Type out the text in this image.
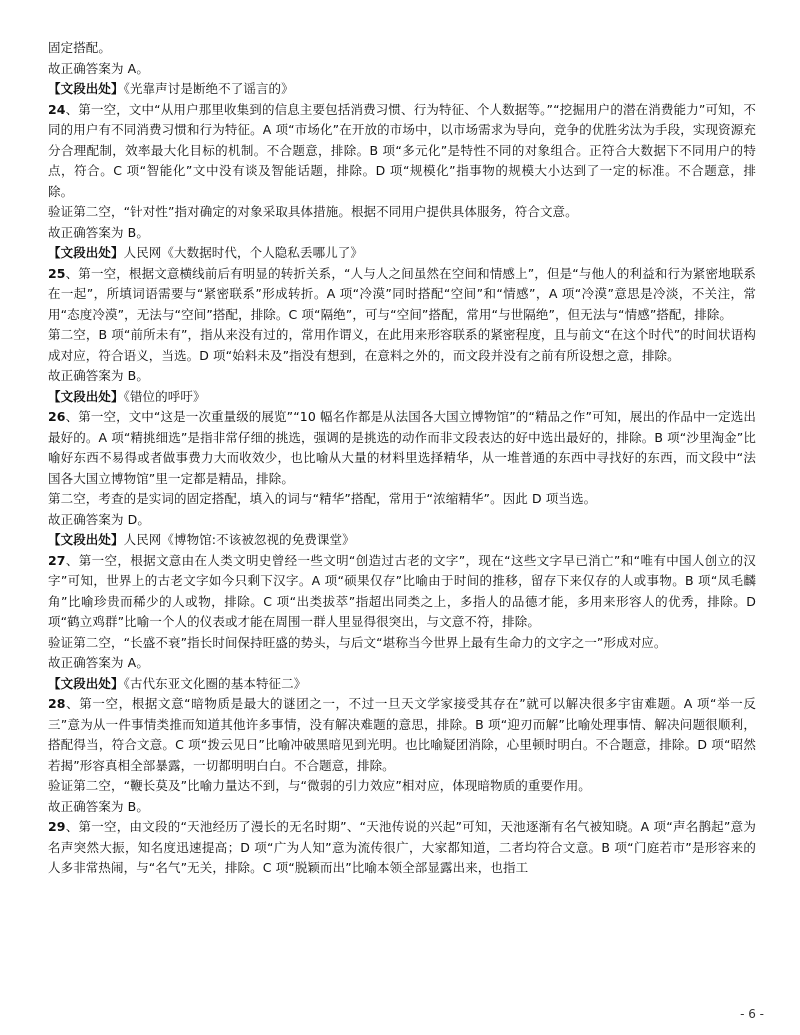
固定搭配。

故正确答案为 A。

【文段出处】《光靠声讨是断绝不了谣言的》

24、第一空，文中“从用户那里收集到的信息主要包括消费习惯、行为特征、个人数据等。”“挖掘用户的潜在消费能力”可知，不同的用户有不同消费习惯和行为特征。A 项“市场化”在开放的市场中，以市场需求为导向，竞争的优胜劣汰为手段，实现资源充分合理配制，效率最大化目标的机制。不合题意，排除。B 项“多元化”是特性不同的对象组合。正符合大数据下不同用户的特点，符合。C 项“智能化”文中没有谈及智能话题，排除。D 项“规模化”指事物的规模大小达到了一定的标准。不合题意，排除。

验证第二空，“针对性”指对确定的对象采取具体措施。根据不同用户提供具体服务，符合文意。

故正确答案为 B。

【文段出处】人民网《大数据时代，个人隐私丢哪儿了》

25、第一空，根据文意横线前后有明显的转折关系，“人与人之间虽然在空间和情感上”，但是“与他人的利益和行为紧密地联系在一起”，所填词语需要与“紧密联系”形成转折。A 项“冷漠”同时搭配“空间”和“情感”，A 项“冷漠”意思是冷淡，不关注，常用“态度冷漠”，无法与“空间”搭配，排除。C 项“隔绝”，可与“空间”搭配，常用“与世隔绝”，但无法与“情感”搭配，排除。

第二空，B 项“前所未有”，指从来没有过的，常用作谓义，在此用来形容联系的紧密程度，且与前文“在这个时代”的时间状语构成对应，符合语义，当选。D 项“始料未及”指没有想到，在意料之外的，而文段并没有之前有所设想之意，排除。

故正确答案为 B。

【文段出处】《错位的呼吁》

26、第一空，文中“这是一次重量级的展览”“10 幅名作都是从法国各大国立博物馆”的“精品之作”可知，展出的作品中一定选出最好的。A 项“精挑细选”是指非常仔细的挑选，强调的是挑选的动作而非文段表达的好中选出最好的，排除。B 项“沙里淘金”比喻好东西不易得或者做事费力大而收效少，也比喻从大量的材料里选择精华，从一堆普通的东西中寻找好的东西，而文段中“法国各大国立博物馆”里一定都是精品，排除。

第二空，考查的是实词的固定搭配，填入的词与“精华”搭配，常用于“浓缩精华”。因此 D 项当选。

故正确答案为 D。

【文段出处】人民网《博物馆:不该被忽视的免费课堂》

27、第一空，根据文意由在人类文明史曾经一些文明“创造过古老的文字”，现在“这些文字早已消亡”和“唯有中国人创立的汉字”可知，世界上的古老文字如今只剩下汉字。A 项“硕果仅存”比喻由于时间的推移，留存下来仅存的人或事物。B 项“凤毛麟角”比喻珍贵而稀少的人或物，排除。C 项“出类拔萃”指超出同类之上，多指人的品德才能，多用来形容人的优秀，排除。D 项“鹤立鸡群”比喻一个人的仪表或才能在周围一群人里显得很突出，与文意不符，排除。

验证第二空，“长盛不衰”指长时间保持旺盛的势头，与后文“堪称当今世界上最有生命力的文字之一”形成对应。

故正确答案为 A。

【文段出处】《古代东亚文化圈的基本特征二》

28、第一空，根据文意“暗物质是最大的谜团之一，不过一旦天文学家接受其存在”就可以解决很多宇宙难题。A 项“举一反三”意为从一件事情类推而知道其他许多事情，没有解决难题的意思，排除。B 项“迎刃而解”比喻处理事情、解决问题很顺利，搭配得当，符合文意。C 项“拨云见日”比喻冲破黑暗见到光明。也比喻疑团消除，心里顿时明白。不合题意，排除。D 项“昭然若揭”形容真相全部暴露，一切都明明白白。不合题意，排除。

验证第二空，“鞭长莫及”比喻力量达不到，与“微弱的引力效应”相对应，体现暗物质的重要作用。

故正确答案为 B。

29、第一空，由文段的“天池经历了漫长的无名时期”、“天池传说的兴起”可知，天池逐渐有名气被知晓。A 项“声名鹊起”意为名声突然大振，知名度迅速提高；D 项“广为人知”意为流传很广，大家都知道，二者均符合文意。B 项“门庭若市”是形容来的人多非常热闹，与“名气”无关，排除。C 项“脱颖而出”比喻本领全部显露出来，也指工

- 6 -
